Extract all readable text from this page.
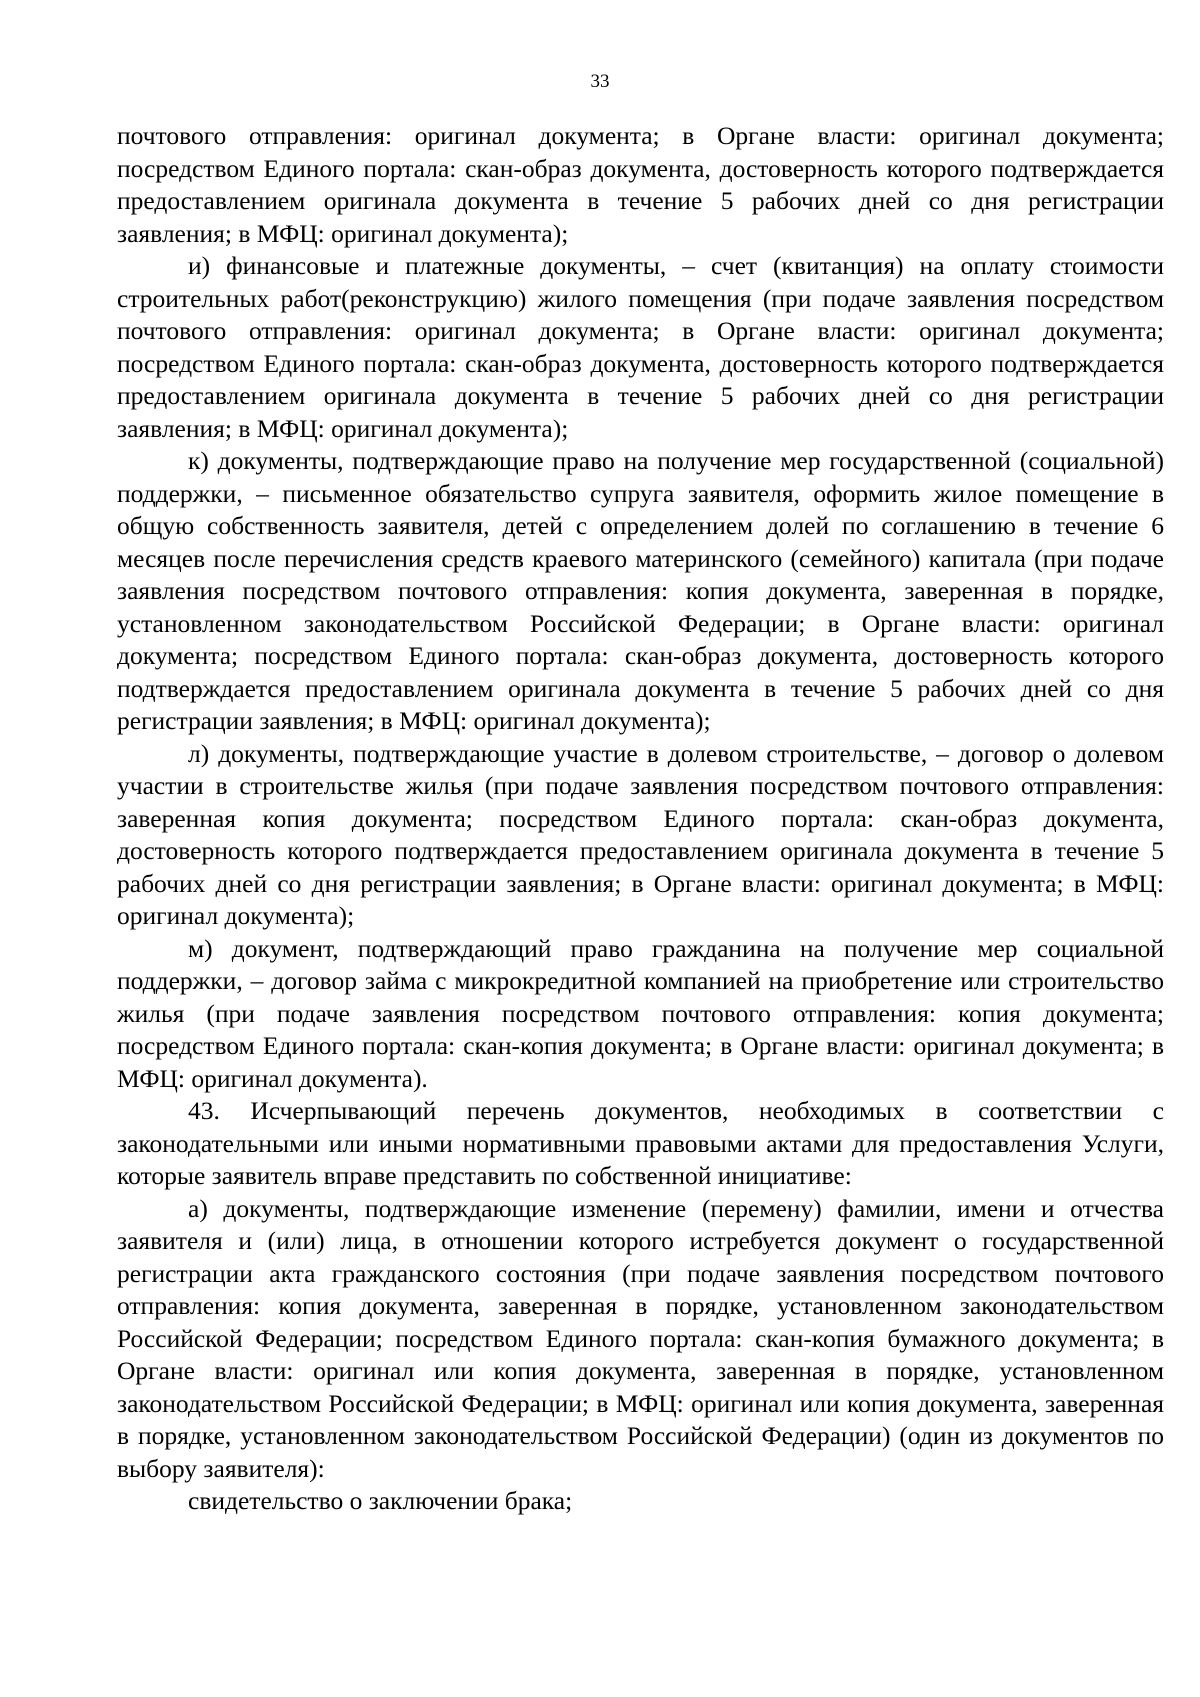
33

почтового отправления: оригинал документа; в Органе власти: оригинал документа; посредством Единого портала: скан-образ документа, достоверность которого подтверждается предоставлением оригинала документа в течение 5 рабочих дней со дня регистрации заявления; в МФЦ: оригинал документа);

и) финансовые и платежные документы, – счет (квитанция) на оплату стоимости строительных работ(реконструкцию) жилого помещения (при подаче заявления посредством почтового отправления: оригинал документа; в Органе власти: оригинал документа; посредством Единого портала: скан-образ документа, достоверность которого подтверждается предоставлением оригинала документа в течение 5 рабочих дней со дня регистрации заявления; в МФЦ: оригинал документа);

к) документы, подтверждающие право на получение мер государственной (социальной) поддержки, – письменное обязательство супруга заявителя, оформить жилое помещение в общую собственность заявителя, детей с определением долей по соглашению в течение 6 месяцев после перечисления средств краевого материнского (семейного) капитала (при подаче заявления посредством почтового отправления: копия документа, заверенная в порядке, установленном законодательством Российской Федерации; в Органе власти: оригинал документа; посредством Единого портала: скан-образ документа, достоверность которого подтверждается предоставлением оригинала документа в течение 5 рабочих дней со дня регистрации заявления; в МФЦ: оригинал документа);

л) документы, подтверждающие участие в долевом строительстве, – договор о долевом участии в строительстве жилья (при подаче заявления посредством почтового отправления: заверенная копия документа; посредством Единого портала: скан-образ документа, достоверность которого подтверждается предоставлением оригинала документа в течение 5 рабочих дней со дня регистрации заявления; в Органе власти: оригинал документа; в МФЦ: оригинал документа);

м) документ, подтверждающий право гражданина на получение мер социальной поддержки, – договор займа с микрокредитной компанией на приобретение или строительство жилья (при подаче заявления посредством почтового отправления: копия документа; посредством Единого портала: скан-копия документа; в Органе власти: оригинал документа; в МФЦ: оригинал документа).

43. Исчерпывающий перечень документов, необходимых в соответствии с законодательными или иными нормативными правовыми актами для предоставления Услуги, которые заявитель вправе представить по собственной инициативе:

а) документы, подтверждающие изменение (перемену) фамилии, имени и отчества заявителя и (или) лица, в отношении которого истребуется документ о государственной регистрации акта гражданского состояния (при подаче заявления посредством почтового отправления: копия документа, заверенная в порядке, установленном законодательством Российской Федерации; посредством Единого портала: скан-копия бумажного документа; в Органе власти: оригинал или копия документа, заверенная в порядке, установленном законодательством Российской Федерации; в МФЦ: оригинал или копия документа, заверенная в порядке, установленном законодательством Российской Федерации) (один из документов по выбору заявителя):

свидетельство о заключении брака;
